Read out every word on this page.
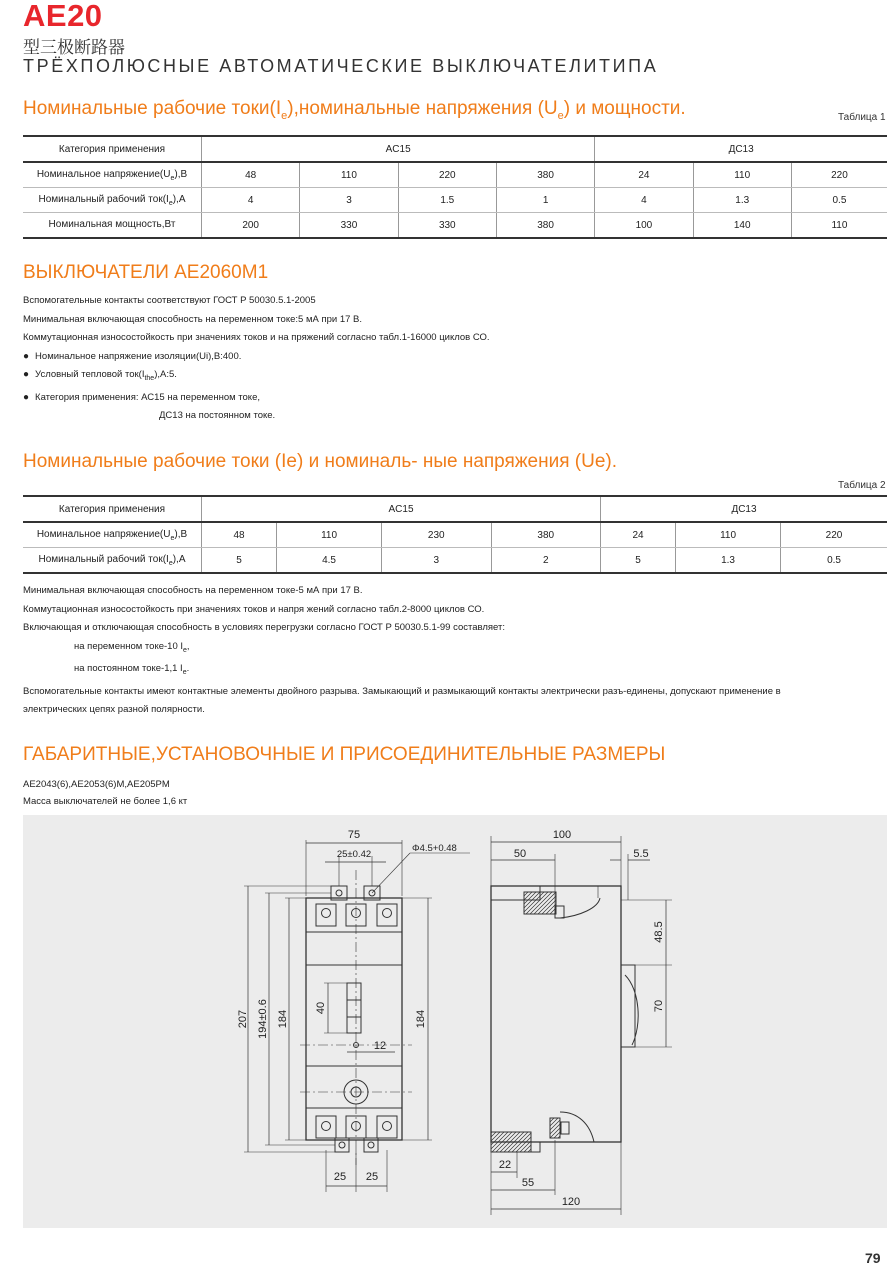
AE20
型三极断路器
ТРЁХПОЛЮСНЫЕ АВТОМАТИЧЕСКИЕ ВЫКЛЮЧАТЕЛИТИПА
Номинальные рабочие $токи(I_e),номинальные$ напряжения $(U_e)$ и мощности.	Таблица 1
Категория применения	AC15				ДС13		
Номинальное $напряжение(U_e),В$	48	110	220	380	24	110	220
Номинальный рабочий $ток(I_e),А$	4	3	1.5	1	4	1.3	0.5
Номинальная мощность,Вт	200	330	330	380	100	140	110
ВЫКЛЮЧАТЕЛИ AE2060M1
Вспомогательные контакты соответствуют ГОСТ Р 50030.5.1-2005
Минимальная включающая способность на переменном токе:5 мА при 17 В.
Коммутационная износостойкость при значениях токов и на пряжений согласно табл.1-16000 циклов СО.
● Номинальное напряжение изоляции(Ui),В:400.
● Условный тепловой $ток(I_{the}),А:5$.
● Категория применения: АС15 на переменном токе,
ДС13 на постоянном токе.
Номинальные рабочие токи (Ie) и номиналь- ные напряжения (Ue).
Таблица 2
Категория применения	AC15				ДС13		
Номинальное $напряжение(U_e),В$	48	110	230	380	24	110	220
Номинальный рабочий $ток(I_e),А$	5	4.5	3	2	5	1.3	0.5
Минимальная включающая способность на переменном токе-5 мА при 17 В.
Коммутационная износостойкость при значениях токов и напря жений согласно табл.2-8000 циклов СО.
Включающая и отключающая способность в условиях перегрузки согласно ГОСТ Р 50030.5.1-99 составляет:
на переменном токе-10 $I_e$,
на постоянном токе-1,1 $I_e$.
Вспомогательные контакты имеют контактные элементы двойного разрыва. Замыкающий и размыкающий контакты электрически разъ-единены, допускают применение в
электрических цепях разной полярности.
ГАБАРИТНЫЕ,УСТАНОВОЧНЫЕ И ПРИСОЕДИНИТЕЛЬНЫЕ РАЗМЕРЫ
AE2043(6),AE2053(6)M,AE205PM
Масса выключателей не более 1,6 кт
75
25±0.42
Φ4.5+0.48
207 194±0.6 184	184
40
12
25 25
100
50	5.5
48.5
70
22
55
120
79
